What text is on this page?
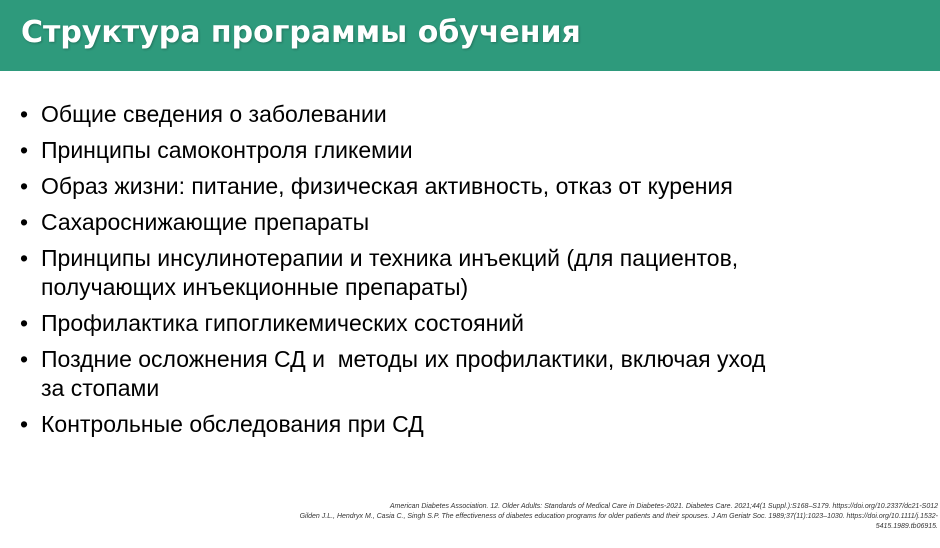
Структура программы обучения
• Общие сведения о заболевании
• Принципы самоконтроля гликемии
• Образ жизни: питание, физическая активность, отказ от курения
• Сахароснижающие препараты
• Принципы инсулинотерапии и техника инъекций (для пациентов,
получающих инъекционные препараты)
• Профилактика гипогликемических состояний
• Поздние осложнения СД и  методы их профилактики, включая уход
за стопами
• Контрольные обследования при СД
American Diabetes Association. 12. Older Adults: Standards of Medical Care in Diabetes-2021. Diabetes Care. 2021;44(1 Suppl.):S168–S179. https://doi.org/10.2337/dc21-S012
Gilden J.L., Hendryx M., Casia C., Singh S.P. The effectiveness of diabetes education programs for older patients and their spouses. J Am Geriatr Soc. 1989;37(11):1023–1030. https://doi.org/10.1111/j.1532-
5415.1989.tb06915.
